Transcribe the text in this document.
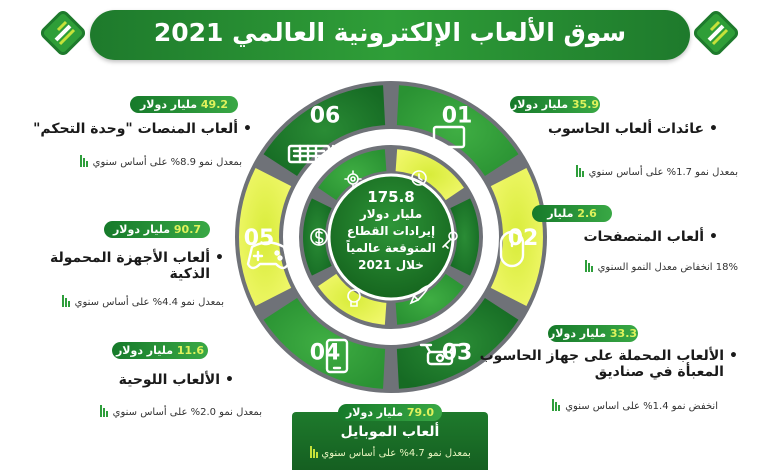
سوق الألعاب الإلكترونية العالمي 2021
01
02
03
04
05
06
175.8
مليار دولار
إيرادات القطاع
المتوقعة عالمياً
خلال 2021
35.9 مليار دولار
•عائدات ألعاب الحاسوب
بمعدل نمو 1.7% على أساس سنوي
2.6 مليار دولار	•ألعاب المتصفحات
18% انخفاض معدل النمو السنوي
33.3 مليار دولار
•الألعاب المحملة على جهاز الحاسوب
المعبأة في صناديق
انخفض نمو 1.4% على اساس سنوي
49.2 مليار دولار
•ألعاب المنصات "وحدة التحكم"
بمعدل نمو 8.9% على أساس سنوي
90.7 مليار دولار
•ألعاب الأجهزة المحمولة
الذكية
بمعدل نمو 4.4% على أساس سنوي
11.6 مليار دولار
•الألعاب اللوحية
بمعدل نمو 2.0% على أساس سنوي	79.0 مليار دولار
ألعاب الموبايل
بمعدل نمو 4.7% على أساس سنوي
